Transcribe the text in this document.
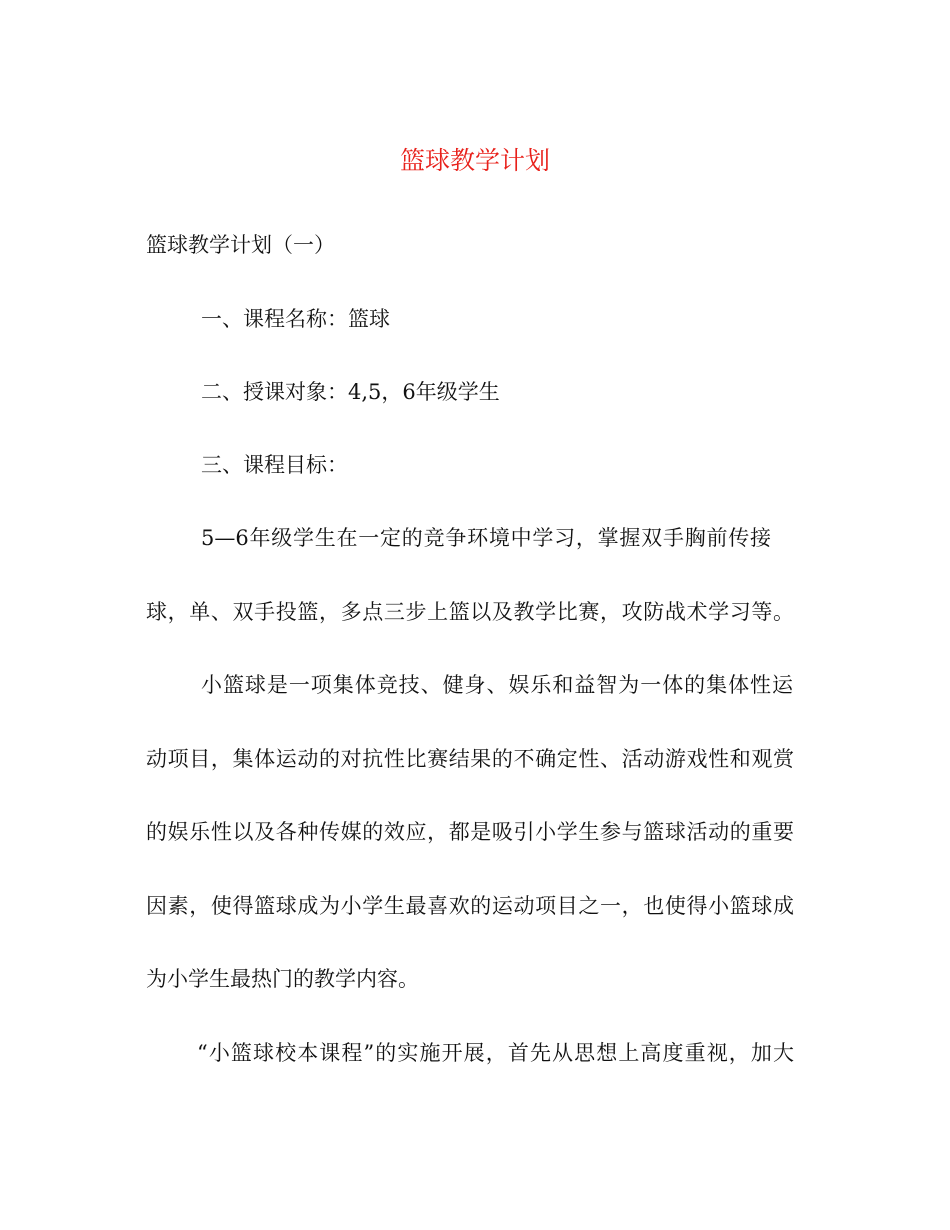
篮球教学计划
篮球教学计划（一）
一、课程名称：篮球
二、授课对象：4,5，6年级学生
三、课程目标：
5—6年级学生在一定的竞争环境中学习，掌握双手胸前传接
球，单、双手投篮，多点三步上篮以及教学比赛，攻防战术学习等。
小篮球是一项集体竞技、健身、娱乐和益智为一体的集体性运
动项目，集体运动的对抗性比赛结果的不确定性、活动游戏性和观赏
的娱乐性以及各种传媒的效应，都是吸引小学生参与篮球活动的重要
因素，使得篮球成为小学生最喜欢的运动项目之一，也使得小篮球成
为小学生最热门的教学内容。
“小篮球校本课程”的实施开展，首先从思想上高度重视，加大
